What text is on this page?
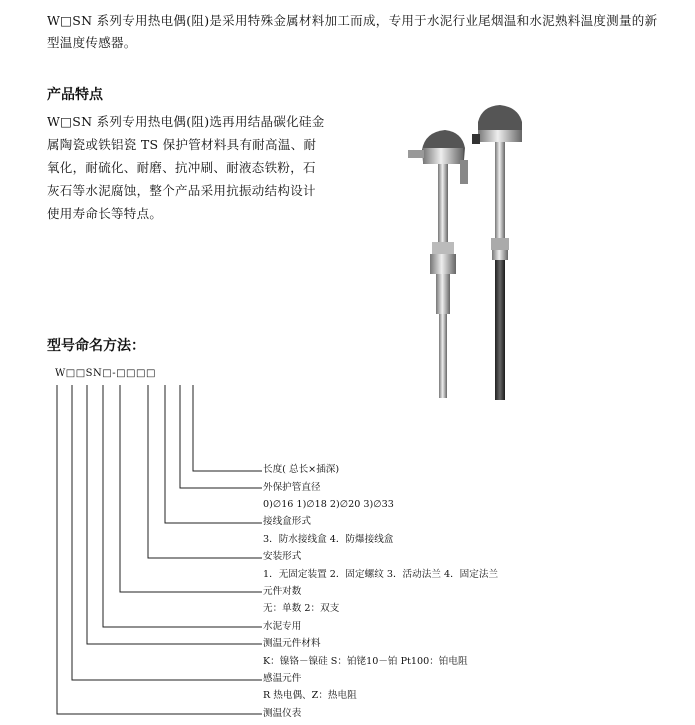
W□SN 系列专用热电偶(阻)是采用特殊金属材料加工而成，专用于水泥行业尾烟温和水泥熟料温度测量的新型温度传感器。

产品特点

W□SN 系列专用热电偶(阻)选再用结晶碳化硅金属陶瓷或铁铝瓷 TS 保护管材料具有耐高温、耐氧化，耐硫化、耐磨、抗冲刷、耐液态铁粉，石灰石等水泥腐蚀，整个产品采用抗振动结构设计使用寿命长等特点。

型号命名方法：

W□□SN□-□□□□

长度( 总长×插深)
外保护管直径
0)∅16 1)∅18 2)∅20 3)∅33
接线盒形式
3．防水接线盒 4．防爆接线盒
安装形式
1．无固定装置 2．固定螺纹 3．活动法兰 4．固定法兰
元件对数
无：单数 2：双支
水泥专用
测温元件材料
K：镍铬－镍硅 S：铂铑10－铂 Pt100：铂电阻
感温元件
R 热电偶、Z：热电阻
测温仪表
